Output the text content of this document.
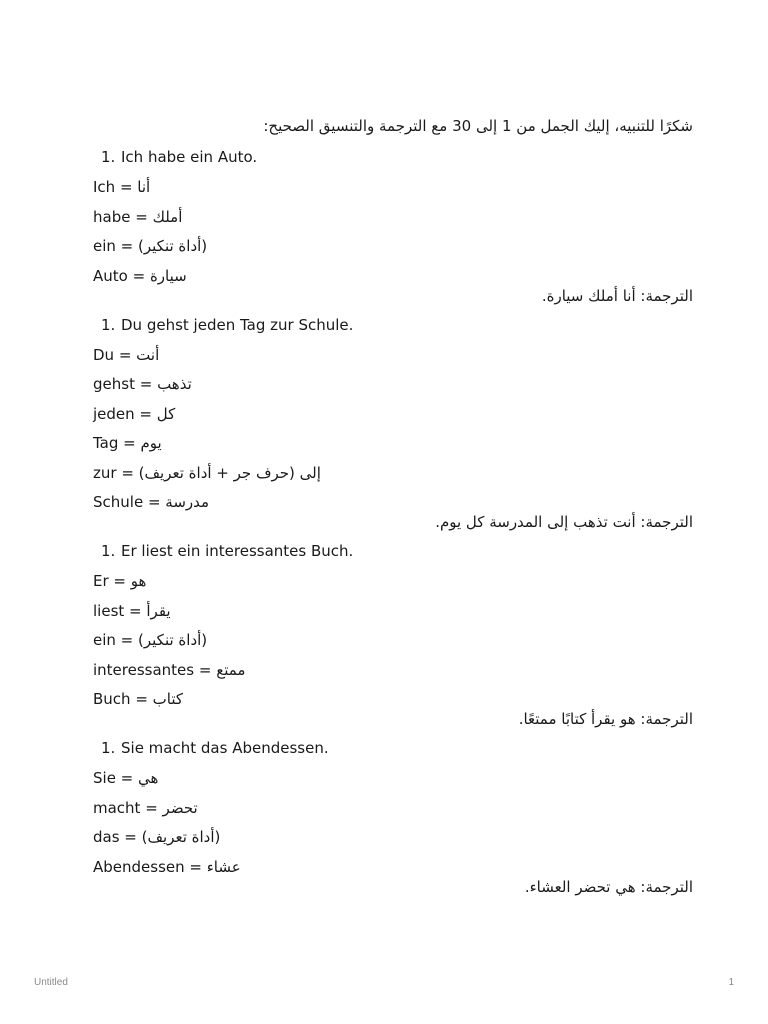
شكرًا للتنبيه، إليك الجمل من 1 إلى 30 مع الترجمة والتنسيق الصحيح:
1. Ich habe ein Auto.
Ich = أنا
habe = أملك
ein = (أداة تنكير)
Auto = سيارة
الترجمة: أنا أملك سيارة.
1. Du gehst jeden Tag zur Schule.
Du = أنت
gehst = تذهب
jeden = كل
Tag = يوم
zur = إلى (حرف جر + أداة تعريف)
Schule = مدرسة
الترجمة: أنت تذهب إلى المدرسة كل يوم.
1. Er liest ein interessantes Buch.
Er = هو
liest = يقرأ
ein = (أداة تنكير)
interessantes = ممتع
Buch = كتاب
الترجمة: هو يقرأ كتابًا ممتعًا.
1. Sie macht das Abendessen.
Sie = هي
macht = تحضر
das = (أداة تعريف)
Abendessen = عشاء
الترجمة: هي تحضر العشاء.
Untitled	1
